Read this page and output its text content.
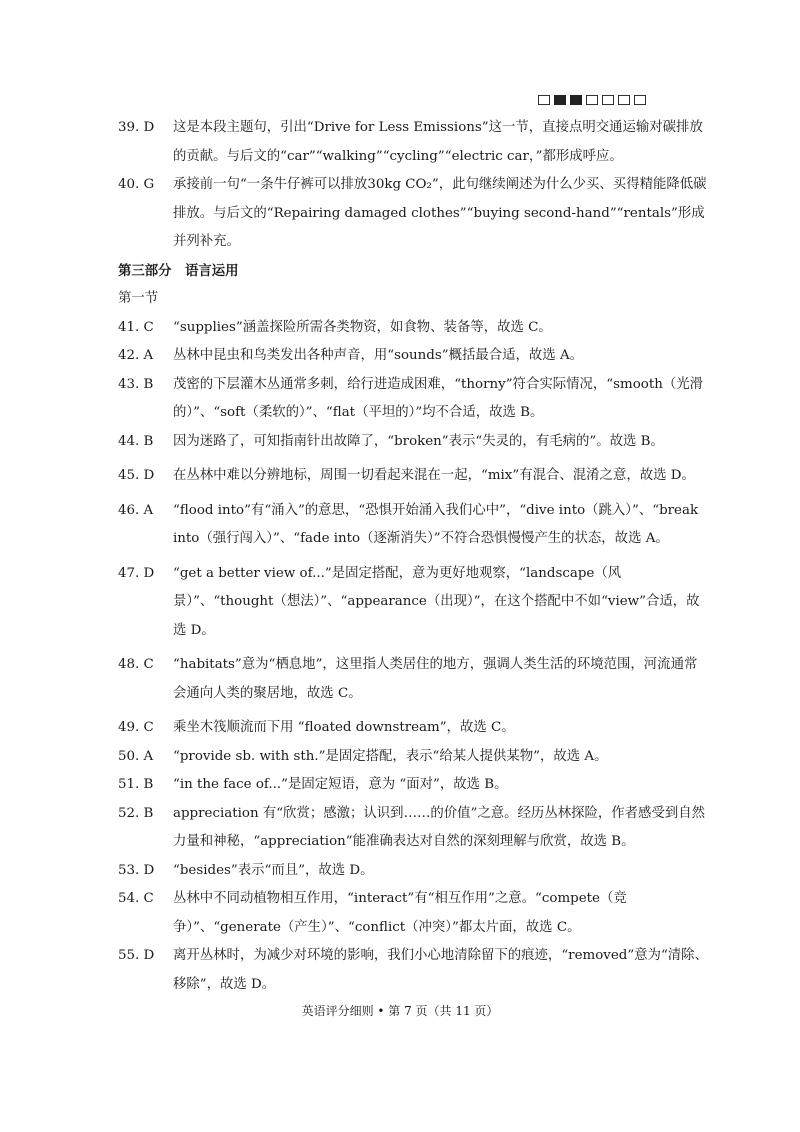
39. D	这是本段主题句，引出“Drive for Less Emissions”这一节，直接点明交通运输对碳排放的贡献。与后文的“car”“walking”“cycling”“electric car，”都形成呼应。
40. G	承接前一句“一条牛仔裤可以排放30kg CO₂”，此句继续阐述为什么少买、买得精能降低碳排放。与后文的“Repairing damaged clothes”“buying second-hand”“rentals”形成并列补充。
第三部分　语言运用
第一节
41. C	“supplies”涵盖探险所需各类物资，如食物、装备等，故选 C。
42. A	丛林中昆虫和鸟类发出各种声音，用“sounds”概括最合适，故选 A。
43. B	茂密的下层灌木丛通常多刺，给行进造成困难，“thorny”符合实际情况，“smooth（光滑的）”、“soft（柔软的）”、“flat（平坦的）”均不合适，故选 B。
44. B	因为迷路了，可知指南针出故障了，“broken”表示“失灵的，有毛病的”。故选 B。
45. D	在丛林中难以分辨地标，周围一切看起来混在一起，“mix”有混合、混淆之意，故选 D。
46. A	“flood into”有“涌入”的意思，“恐惧开始涌入我们心中”，“dive into（跳入）”、“break into（强行闯入）”、“fade into（逐渐消失）”不符合恐惧慢慢产生的状态，故选 A。
47. D	“get a better view of...”是固定搭配，意为更好地观察，“landscape（风景）”、“thought（想法）”、“appearance（出现）”，在这个搭配中不如“view”合适，故选 D。
48. C	“habitats”意为“栖息地”，这里指人类居住的地方，强调人类生活的环境范围，河流通常会通向人类的聚居地，故选 C。
49. C	乘坐木筏顺流而下用 “floated downstream”，故选 C。
50. A	“provide sb. with sth.”是固定搭配，表示“给某人提供某物”，故选 A。
51. B	“in the face of...”是固定短语，意为 “面对”，故选 B。
52. B	appreciation 有“欣赏；感激；认识到……的价值”之意。经历丛林探险，作者感受到自然力量和神秘，“appreciation”能准确表达对自然的深刻理解与欣赏，故选 B。
53. D	“besides”表示“而且”，故选 D。
54. C	丛林中不同动植物相互作用，“interact”有“相互作用”之意。“compete（竞争）”、“generate（产生）”、“conflict（冲突）”都太片面，故选 C。
55. D	离开丛林时，为减少对环境的影响，我们小心地清除留下的痕迹，“removed”意为“清除、移除”，故选 D。
英语评分细则 • 第 7 页（共 11 页）
